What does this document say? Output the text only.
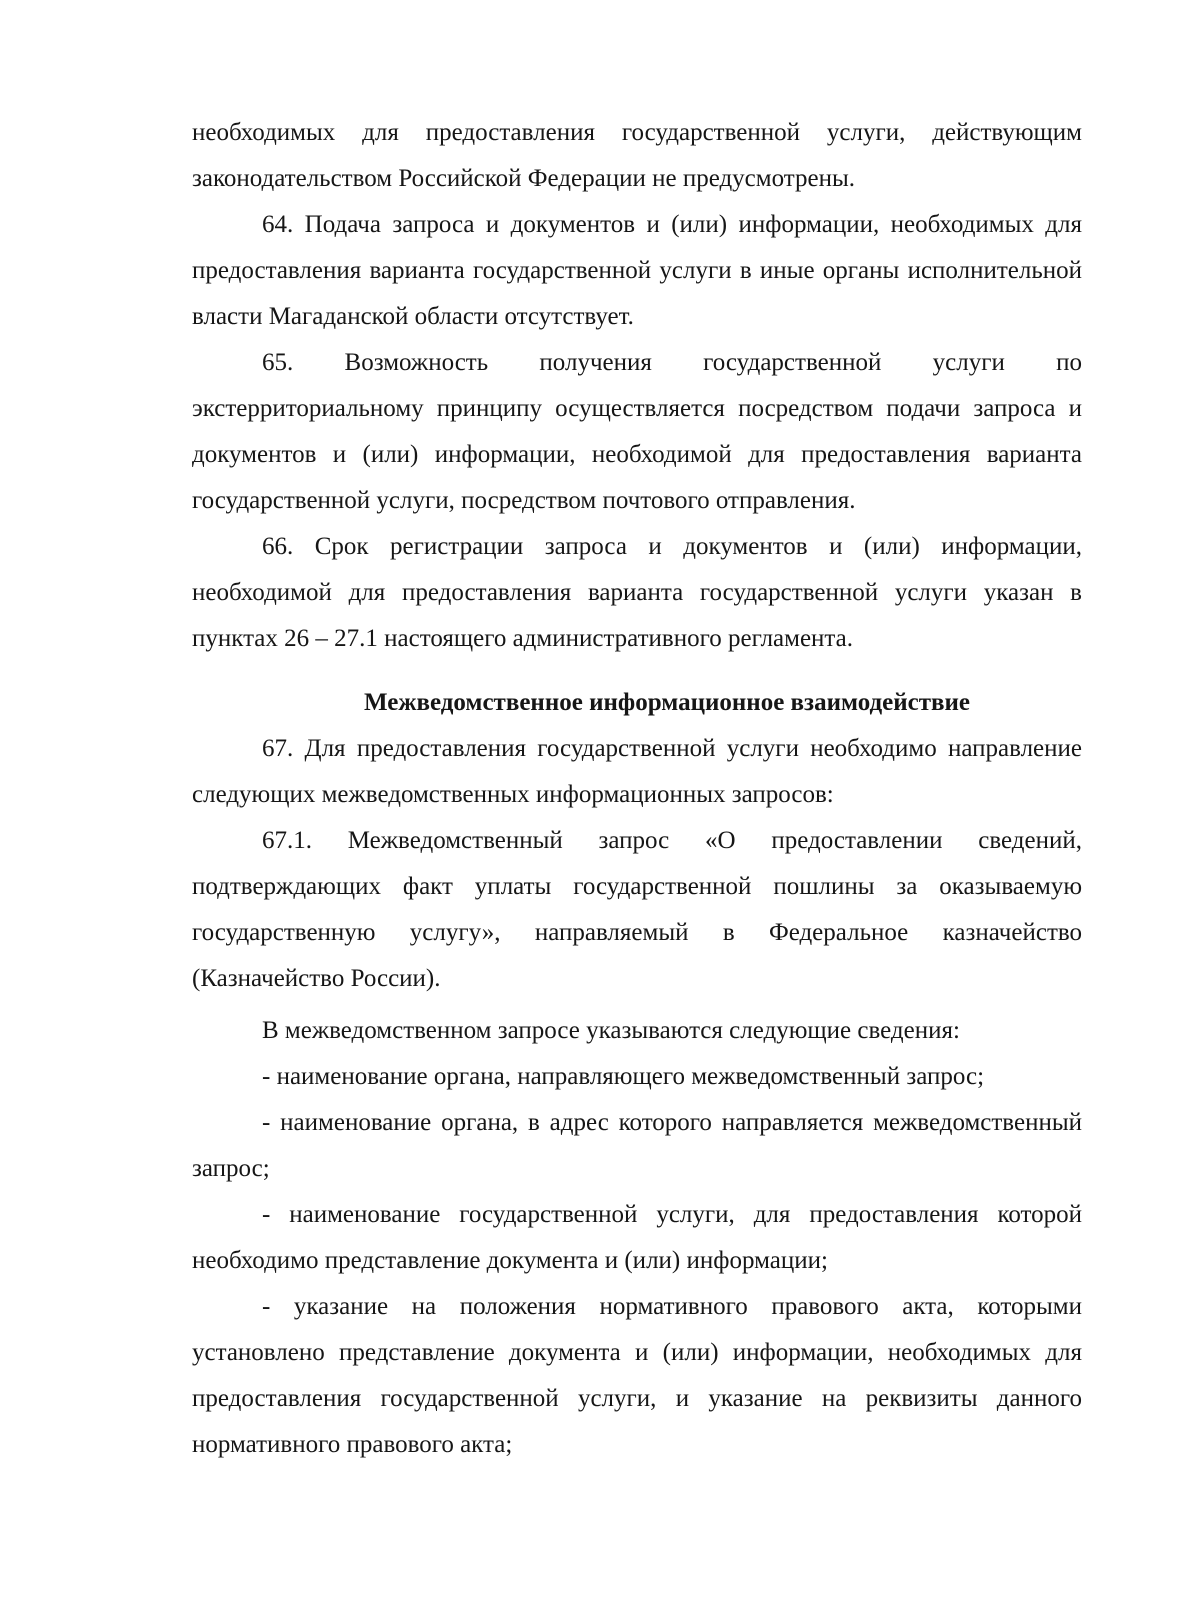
необходимых для предоставления государственной услуги, действующим законодательством Российской Федерации не предусмотрены.

64. Подача запроса и документов и (или) информации, необходимых для предоставления варианта государственной услуги в иные органы исполнительной власти Магаданской области отсутствует.

65. Возможность получения государственной услуги по экстерриториальному принципу осуществляется посредством подачи запроса и документов и (или) информации, необходимой для предоставления варианта государственной услуги, посредством почтового отправления.

66. Срок регистрации запроса и документов и (или) информации, необходимой для предоставления варианта государственной услуги указан в пунктах 26 – 27.1 настоящего административного регламента.

Межведомственное информационное взаимодействие

67. Для предоставления государственной услуги необходимо направление следующих межведомственных информационных запросов:

67.1. Межведомственный запрос «О предоставлении сведений, подтверждающих факт уплаты государственной пошлины за оказываемую государственную услугу», направляемый в Федеральное казначейство (Казначейство России).

В межведомственном запросе указываются следующие сведения:

- наименование органа, направляющего межведомственный запрос;

- наименование органа, в адрес которого направляется межведомственный запрос;

- наименование государственной услуги, для предоставления которой необходимо представление документа и (или) информации;

- указание на положения нормативного правового акта, которыми установлено представление документа и (или) информации, необходимых для предоставления государственной услуги, и указание на реквизиты данного нормативного правового акта;
